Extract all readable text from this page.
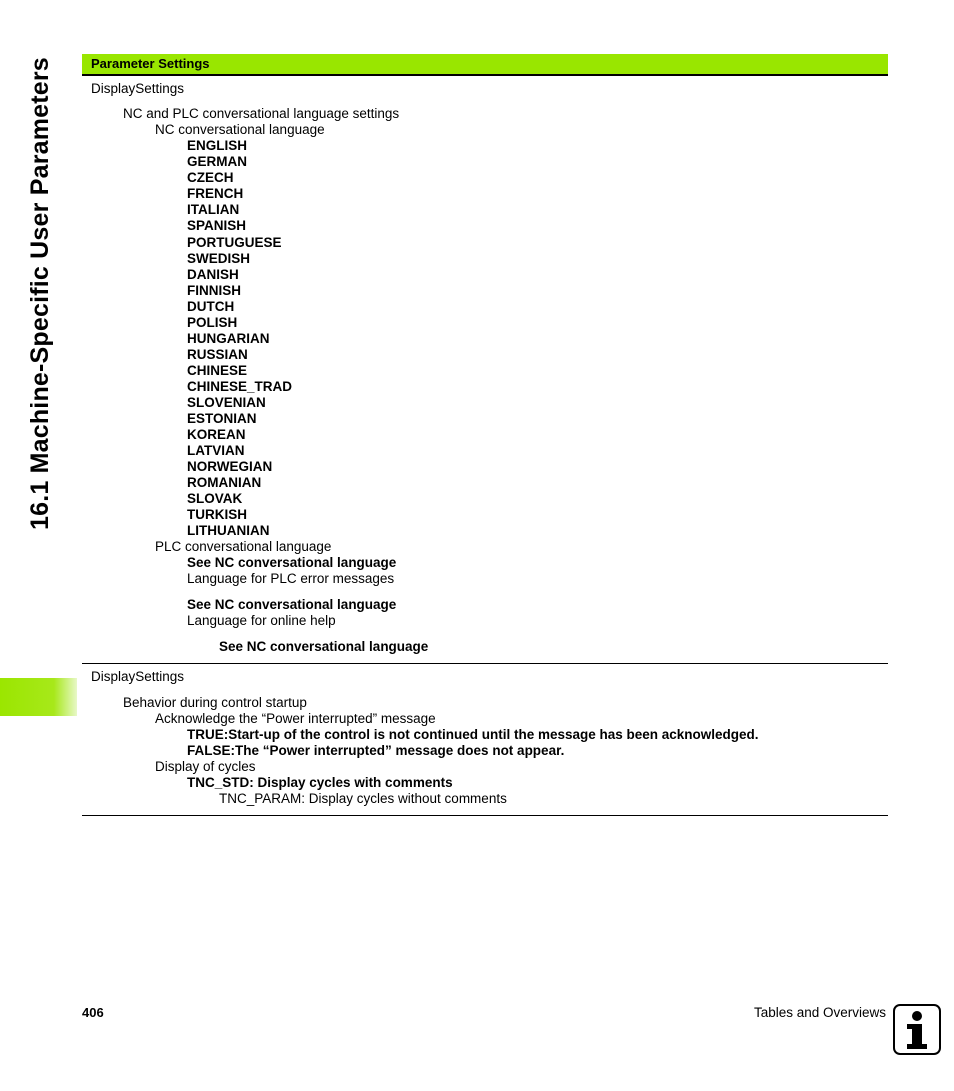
16.1 Machine-Specific User Parameters	Parameter Settings
DisplaySettings
NC and PLC conversational language settings
NC conversational language
ENGLISH
GERMAN
CZECH
FRENCH
ITALIAN
SPANISH
PORTUGUESE
SWEDISH
DANISH
FINNISH
DUTCH
POLISH
HUNGARIAN
RUSSIAN
CHINESE
CHINESE_TRAD
SLOVENIAN
ESTONIAN
KOREAN
LATVIAN
NORWEGIAN
ROMANIAN
SLOVAK
TURKISH
LITHUANIAN
PLC conversational language
See NC conversational language
Language for PLC error messages
See NC conversational language
Language for online help
See NC conversational language
DisplaySettings
Behavior during control startup
Acknowledge the “Power interrupted” message
TRUE:Start-up of the control is not continued until the message has been acknowledged.
FALSE:The “Power interrupted” message does not appear.
Display of cycles
TNC_STD: Display cycles with comments
TNC_PARAM: Display cycles without comments
406	Tables and Overviews
